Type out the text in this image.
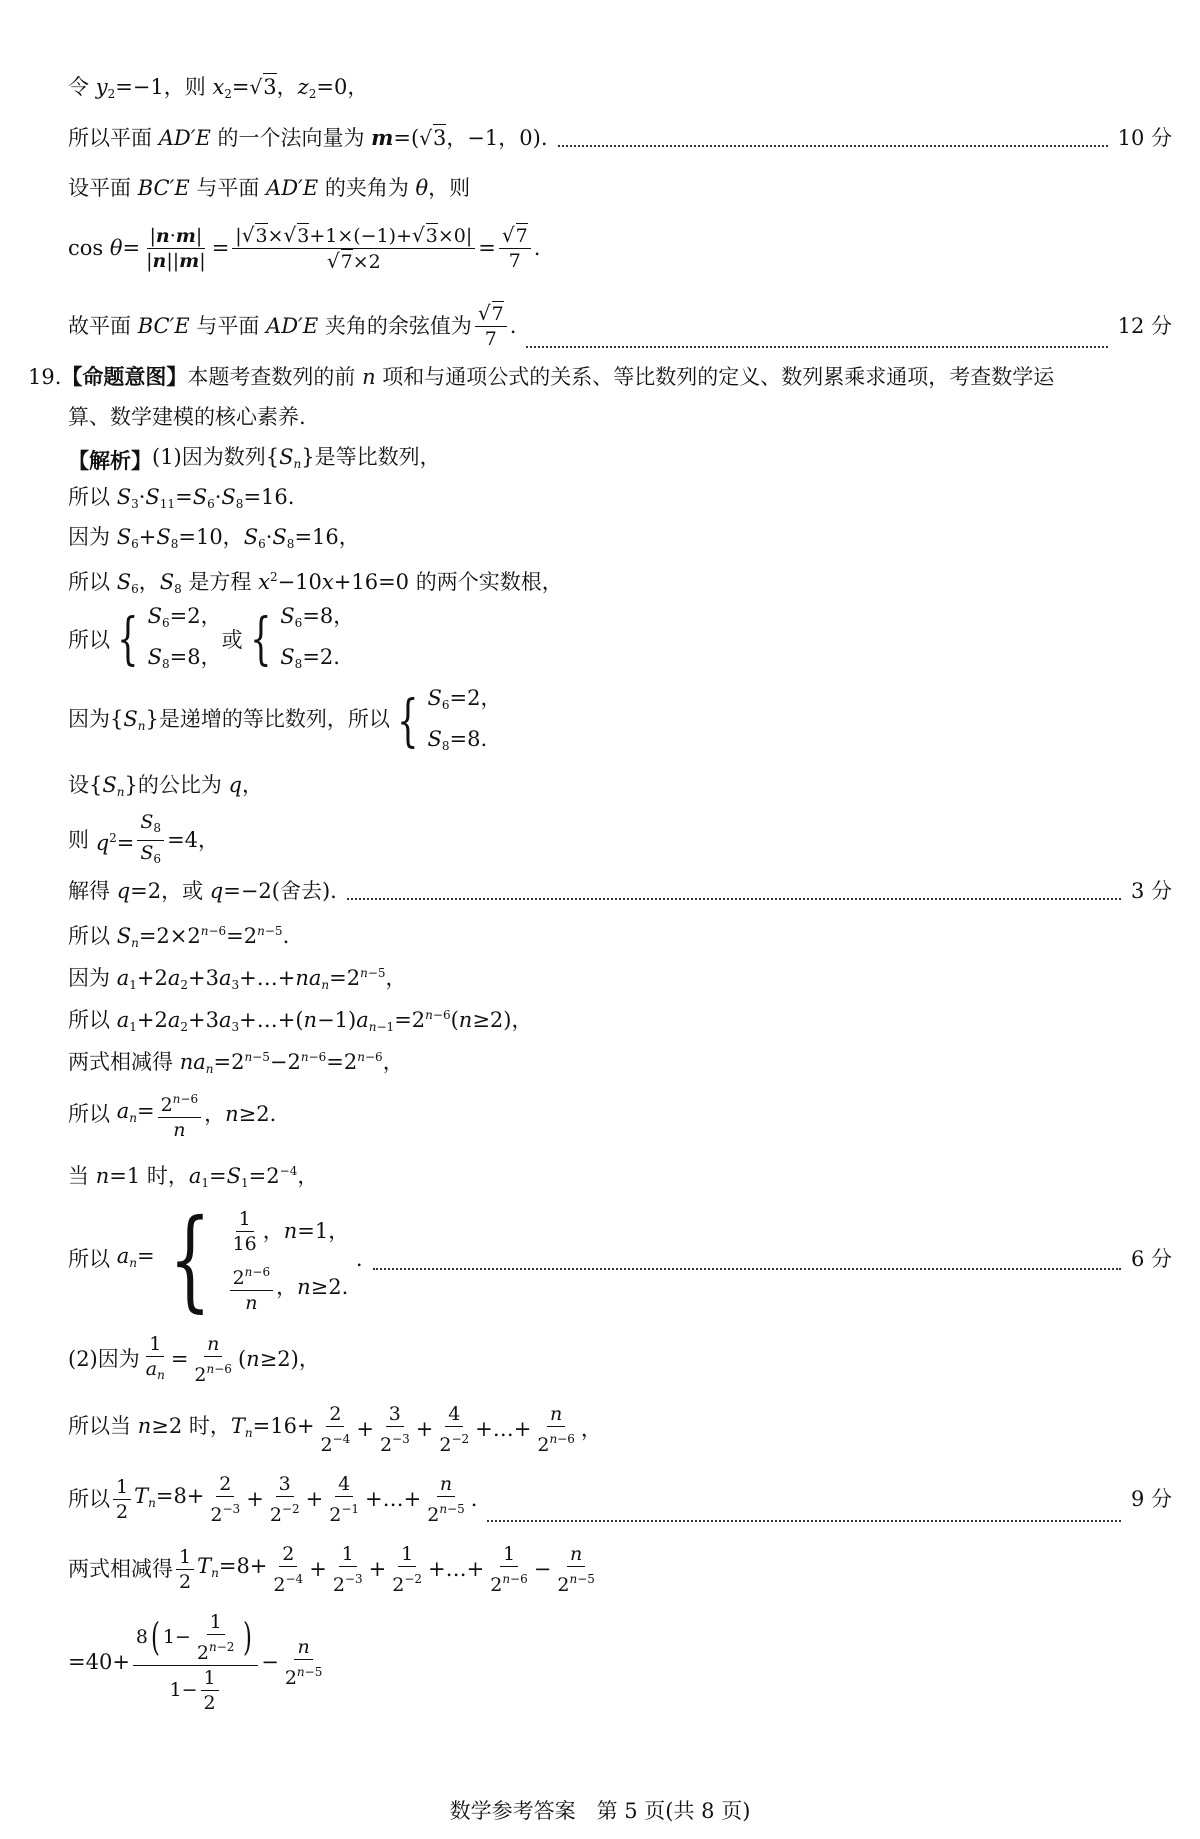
令 $y_2=-1$，则 $x_2=√3$，$z_2=0$，
所以平面 AD′E 的一个法向量为 m=(√3，−1，0).	10 分
设平面 BC′E 与平面 AD′E 的夹角为 θ，则
$\cos \theta= \frac{|n\cdot m|}{|n||m|} = \frac{|√3\times√3+1\times(-1)+√3\times 0|}{√7\times 2} = \frac{√7}{7}$ .
故平面 BC′E 与平面 AD′E 夹角的余弦值为 $\frac{√7}{7}$ .	12 分
19. 【命题意图】 本题考查数列的前 n 项和与通项公式的关系、等比数列的定义、数列累乘求通项，考查数学运
算、数学建模的核心素养.
【解析】 (1)因为数列$\{S_n\}$是等比数列，
所以 $S_3\cdot S_{11}=S_6\cdot S_8=16$.
因为 $S_6+S_8=10$，$S_6\cdot S_8=16$，
所以 $S_6$，$S_8$ 是方程 $x^2-10x+16=0$ 的两个实数根，
所以 { $S_6=2$，
$S_8=8$，
或 { $S_6=8$，
$S_8=2$.
因为$\{S_n\}$是递增的等比数列，所以 { $S_6=2$，
$S_8=8$.
设$\{S_n\}$的公比为 q，
则 $q^2= \frac{S_8}{S_6} =4$，
解得 q=2，或 q=−2(舍去).	3 分
所以 $S_n=2\times 2^{n-6}=2^{n-5}$.
因为 $a_1+2a_2+3a_3+\dots+na_n=2^{n-5}$，
所以 $a_1+2a_2+3a_3+\dots+(n-1)a_{n-1}=2^{n-6}(n\ge 2)$，
两式相减得 $na_n=2^{n-5}-2^{n-6}=2^{n-6}$，
所以 $a_n= \frac{2^{n-6}}{n}$ ，n≥2.
当 n=1 时，$a_1=S_1=2^{-4}$，
所以 $a_n=$ { $\frac{1}{16}$ ， n =1，
$\frac{2^{n-6}}{n}$ ， n ≥2.
.	6 分
(2)因为 $\frac{1}{a_n} = \frac{n}{2^{n-6}} (n\ge 2)$，
所以当 n≥2 时，$T_n=16+ \frac{2}{2^{-4}} + \frac{3}{2^{-3}} + \frac{4}{2^{-2}}$ +…+ $\frac{n}{2^{n-6}}$ ，
所以 $\frac{1}{2} T_n=8+ \frac{2}{2^{-3}} + \frac{3}{2^{-2}} + \frac{4}{2^{-1}}$ +…+ $\frac{n}{2^{n-5}}$ .	9 分
两式相减得 $\frac{1}{2} T_n=8+ \frac{2}{2^{-4}} + \frac{1}{2^{-3}} + \frac{1}{2^{-2}}$ +…+ $\frac{1}{2^{n-6}} - \frac{n}{2^{n-5}}$
$=40+ \frac{8 ( 1- \frac{1}{2^{n-2}} )}{1- \frac{1}{2}} - \frac{n}{2^{n-5}}$
数学参考答案　第 5 页(共 8 页)
